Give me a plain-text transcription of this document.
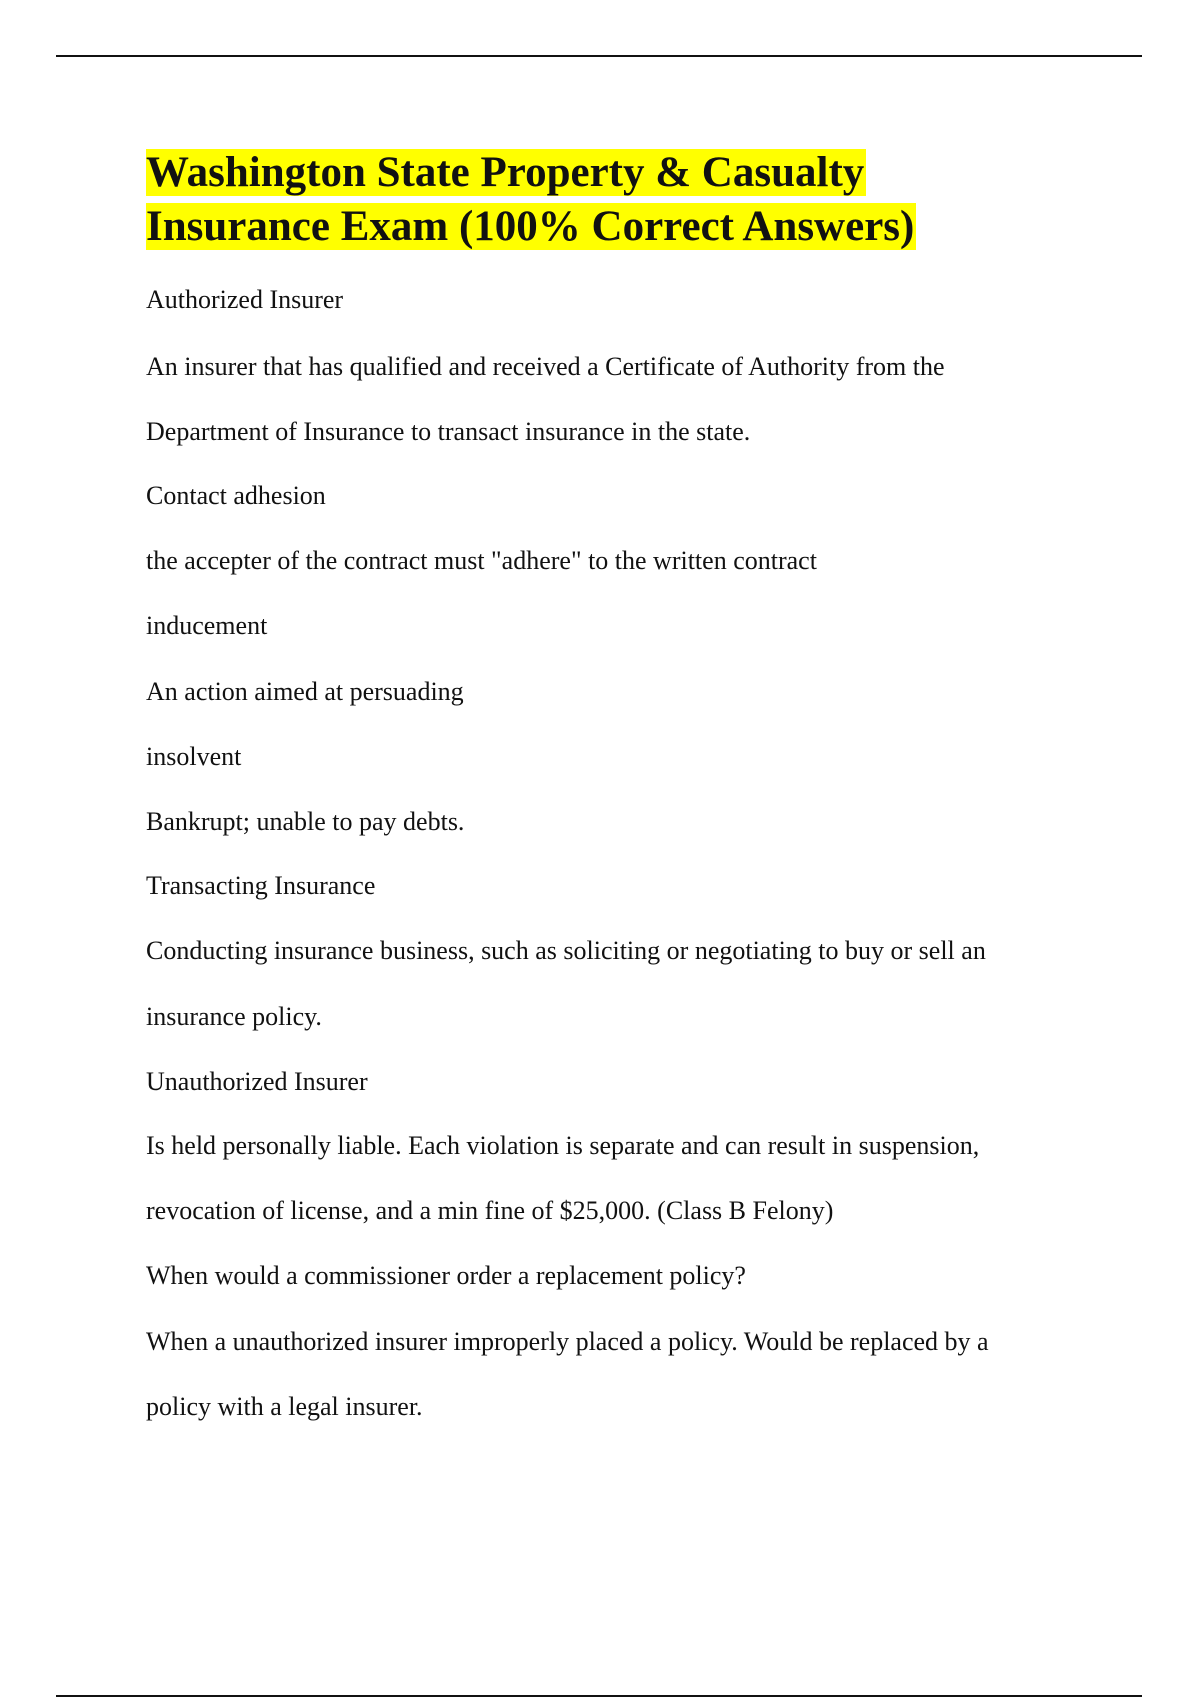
Washington State Property & Casualty
Insurance Exam (100% Correct Answers)
Authorized Insurer
An insurer that has qualified and received a Certificate of Authority from the
Department of Insurance to transact insurance in the state.
Contact adhesion
the accepter of the contract must "adhere" to the written contract
inducement
An action aimed at persuading
insolvent
Bankrupt; unable to pay debts.
Transacting Insurance
Conducting insurance business, such as soliciting or negotiating to buy or sell an
insurance policy.
Unauthorized Insurer
Is held personally liable. Each violation is separate and can result in suspension,
revocation of license, and a min fine of $25,000. (Class B Felony)
When would a commissioner order a replacement policy?
When a unauthorized insurer improperly placed a policy. Would be replaced by a
policy with a legal insurer.
